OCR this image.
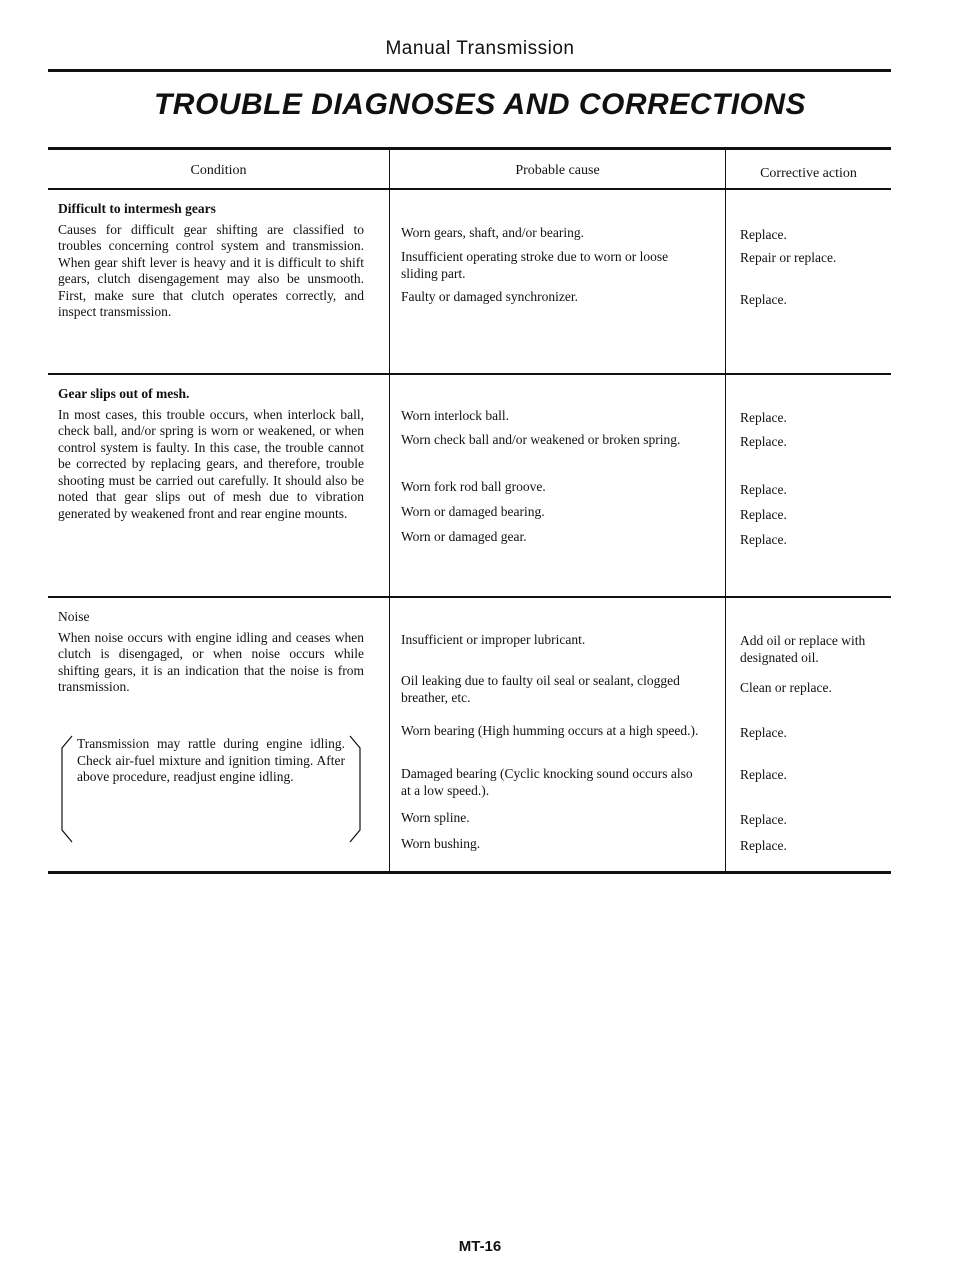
Manual Transmission
TROUBLE DIAGNOSES AND CORRECTIONS
Condition	Probable cause	Corrective action

Difficult to intermesh gears

Causes for difficult gear shifting are classified to troubles concerning control system and transmission. When gear shift lever is heavy and it is difficult to shift gears, clutch disengagement may also be unsmooth. First, make sure that clutch operates correctly, and inspect transmission.

Worn gears, shaft, and/or bearing.
Insufficient operating stroke due to worn or loose sliding part.
Faulty or damaged synchronizer.
Replace.
Repair or replace.
Replace.

Gear slips out of mesh.

In most cases, this trouble occurs, when interlock ball, check ball, and/or spring is worn or weakened, or when control system is faulty. In this case, the trouble cannot be corrected by replacing gears, and therefore, trouble shooting must be carried out carefully. It should also be noted that gear slips out of mesh due to vibration generated by weakened front and rear engine mounts.

Worn interlock ball.
Worn check ball and/or weakened or broken spring.
Worn fork rod ball groove.
Worn or damaged bearing.
Worn or damaged gear.
Replace.
Replace.
Replace.
Replace.
Replace.

Noise

When noise occurs with engine idling and ceases when clutch is disengaged, or when noise occurs while shifting gears, it is an indication that the noise is from transmission.

Transmission may rattle during engine idling. Check air-fuel mixture and ignition timing. After above procedure, readjust engine idling.
Insufficient or improper lubricant.
Oil leaking due to faulty oil seal or sealant, clogged breather, etc.
Worn bearing (High humming occurs at a high speed.).
Damaged bearing (Cyclic knocking sound occurs also at a low speed.).
Worn spline.
Worn bushing.
Add oil or replace with designated oil.
Clean or replace.
Replace.
Replace.
Replace.
Replace.
MT-16
